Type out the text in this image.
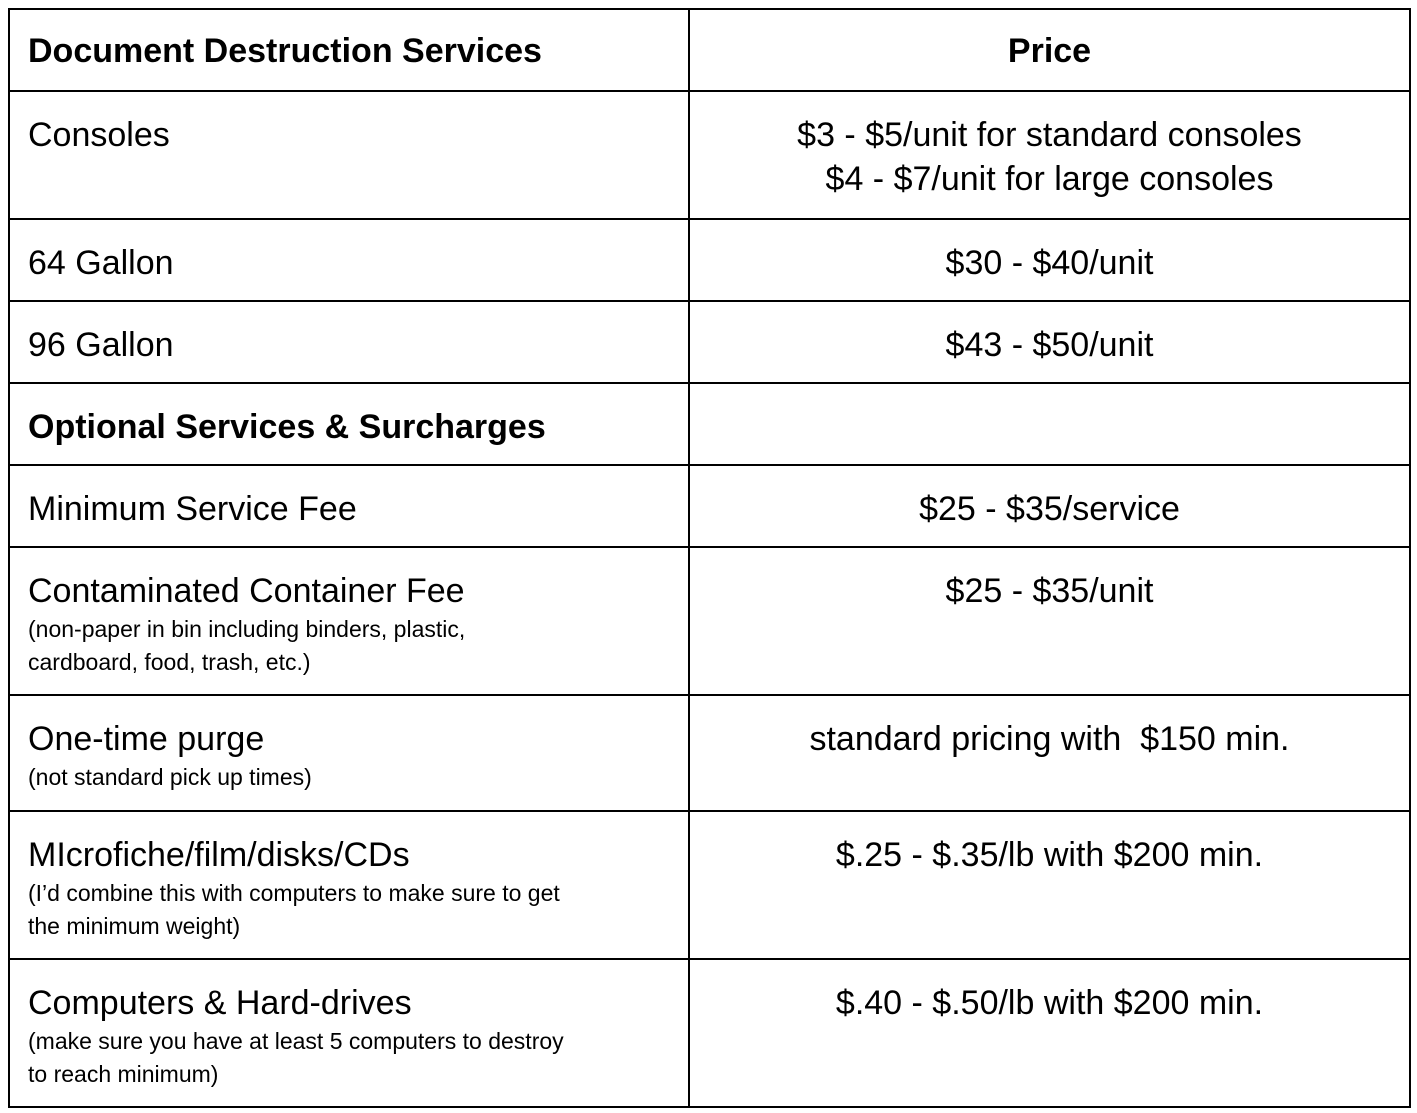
Document Destruction Services	Price

Consoles	$3 - $5/unit for standard consoles
$4 - $7/unit for large consoles

64 Gallon	$30 - $40/unit

96 Gallon	$43 - $50/unit

Optional Services & Surcharges	

Minimum Service Fee	$25 - $35/service

Contaminated Container Fee
(non-paper in bin including binders, plastic,
cardboard, food, trash, etc.)	$25 - $35/unit

One-time purge
(not standard pick up times)	standard pricing with  $150 min.

MIcrofiche/film/disks/CDs
(I’d combine this with computers to make sure to get
the minimum weight)	$.25 - $.35/lb with $200 min.

Computers & Hard-drives
(make sure you have at least 5 computers to destroy
to reach minimum)	$.40 - $.50/lb with $200 min.
